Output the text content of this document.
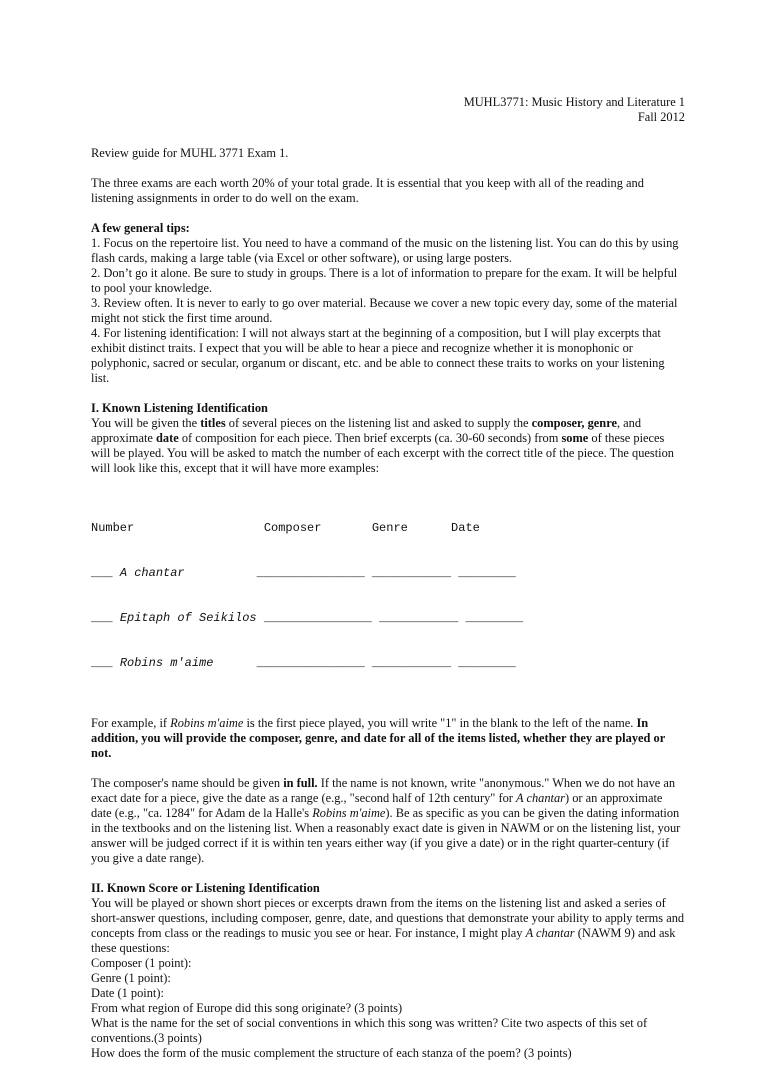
MUHL3771: Music History and Literature 1
Fall 2012

Review guide for MUHL 3771 Exam 1.

The three exams are each worth 20% of your total grade. It is essential that you keep with all of the reading and listening assignments in order to do well on the exam.

A few general tips:
1. Focus on the repertoire list. You need to have a command of the music on the listening list. You can do this by using flash cards, making a large table (via Excel or other software), or using large posters.
2. Don’t go it alone. Be sure to study in groups. There is a lot of information to prepare for the exam. It will be helpful to pool your knowledge.
3. Review often. It is never to early to go over material. Because we cover a new topic every day, some of the material might not stick the first time around.
4. For listening identification: I will not always start at the beginning of a composition, but I will play excerpts that exhibit distinct traits. I expect that you will be able to hear a piece and recognize whether it is monophonic or polyphonic, sacred or secular, organum or discant, etc. and be able to connect these traits to works on your listening list.

I. Known Listening Identification
You will be given the titles of several pieces on the listening list and asked to supply the composer, genre, and approximate date of composition for each piece. Then brief excerpts (ca. 30-60 seconds) from some of these pieces will be played. You will be asked to match the number of each excerpt with the correct title of the piece. The question will look like this, except that it will have more examples:

Number                  Composer       Genre      Date

___ A chantar          _______________ ___________ ________

___ Epitaph of Seikilos _______________ ___________ ________

___ Robins m'aime      _______________ ___________ ________

For example, if Robins m'aime is the first piece played, you will write "1" in the blank to the left of the name. In addition, you will provide the composer, genre, and date for all of the items listed, whether they are played or not.

The composer's name should be given in full. If the name is not known, write "anonymous." When we do not have an exact date for a piece, give the date as a range (e.g., "second half of 12th century" for A chantar) or an approximate date (e.g., "ca. 1284" for Adam de la Halle's Robins m'aime). Be as specific as you can be given the dating information in the textbooks and on the listening list. When a reasonably exact date is given in NAWM or on the listening list, your answer will be judged correct if it is within ten years either way (if you give a date) or in the right quarter-century (if you give a date range).

II. Known Score or Listening Identification
You will be played or shown short pieces or excerpts drawn from the items on the listening list and asked a series of short-answer questions, including composer, genre, date, and questions that demonstrate your ability to apply terms and concepts from class or the readings to music you see or hear. For instance, I might play A chantar (NAWM 9) and ask these questions:
Composer (1 point):
Genre (1 point):
Date (1 point):
From what region of Europe did this song originate? (3 points)
What is the name for the set of social conventions in which this song was written? Cite two aspects of this set of conventions.(3 points)
How does the form of the music complement the structure of each stanza of the poem? (3 points)
